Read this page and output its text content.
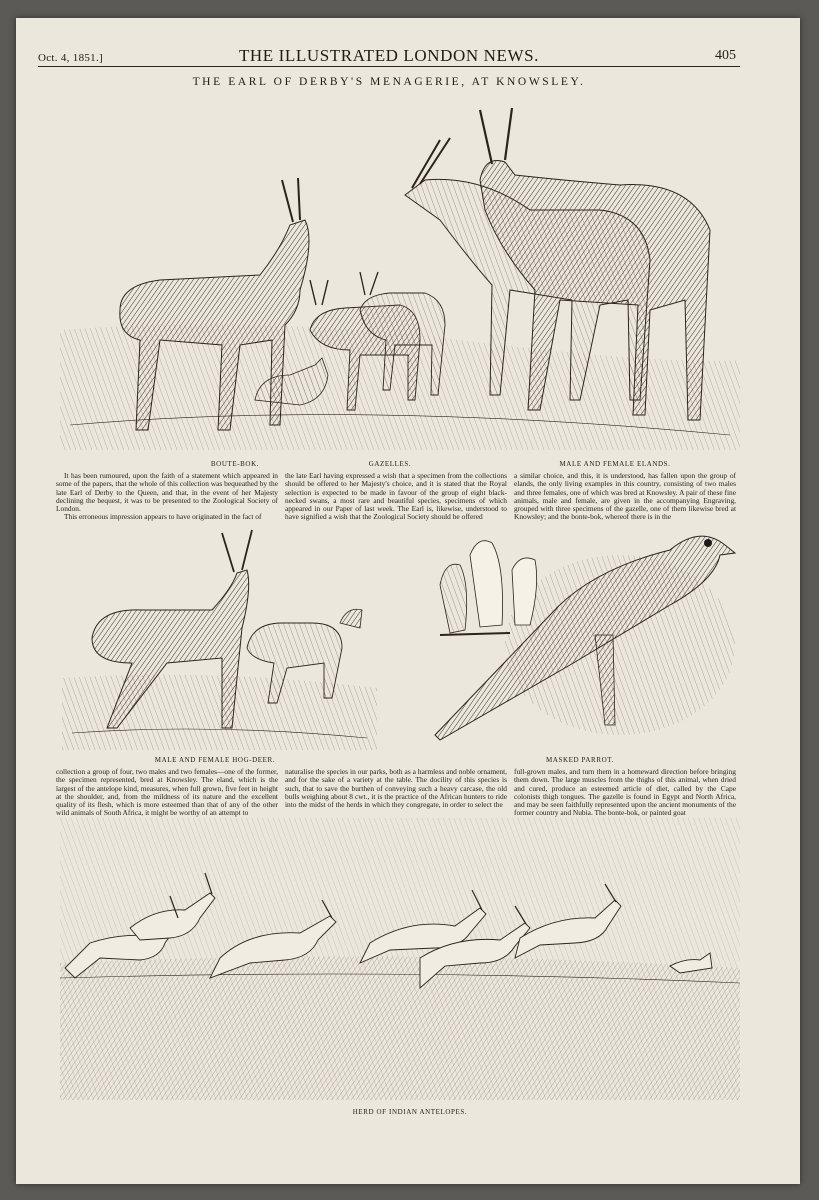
Oct. 4, 1851.]	THE ILLUSTRATED LONDON NEWS.	405
THE EARL OF DERBY'S MENAGERIE, AT KNOWSLEY.
BOUTE-BOK.	GAZELLES.	MALE AND FEMALE ELANDS.

It has been rumoured, upon the faith of a statement which appeared in some of the papers, that the whole of this collection was bequeathed by the late Earl of Derby to the Queen, and that, in the event of her Majesty declining the bequest, it was to be presented to the Zoological Society of London.

This erroneous impression appears to have originated in the fact of

the late Earl having expressed a wish that a specimen from the collections should be offered to her Majesty's choice, and it is stated that the Royal selection is expected to be made in favour of the group of eight black-necked swans, a most rare and beautiful species, specimens of which appeared in our Paper of last week. The Earl is, likewise, understood to have signified a wish that the Zoological Society should be offered

a similar choice, and this, it is understood, has fallen upon the group of elands, the only living examples in this country, consisting of two males and three females, one of which was bred at Knowsley. A pair of these fine animals, male and female, are given in the accompanying Engraving, grouped with three specimens of the gazelle, one of them likewise bred at Knowsley; and the bonte-bok, whereof there is in the

MALE AND FEMALE HOG-DEER.	MASKED PARROT.

collection a group of four, two males and two females—one of the former, the specimen represented, bred at Knowsley. The eland, which is the largest of the antelope kind, measures, when full grown, five feet in height at the shoulder, and, from the mildness of its nature and the excellent quality of its flesh, which is more esteemed than that of any of the other wild animals of South Africa, it might be worthy of an attempt to

naturalise the species in our parks, both as a harmless and noble ornament, and for the sake of a variety at the table. The docility of this species is such, that to save the burthen of conveying such a heavy carcase, the old bulls weighing about 8 cwt., it is the practice of the African hunters to ride into the midst of the herds in which they congregate, in order to select the

full-grown males, and turn them in a homeward direction before bringing them down. The large muscles from the thighs of this animal, when dried and cured, produce an esteemed article of diet, called by the Cape colonists thigh tongues. The gazelle is found in Egypt and North Africa, and may be seen faithfully represented upon the ancient monuments of the former country and Nubia. The bonte-bok, or painted goat

HERD OF INDIAN ANTELOPES.
